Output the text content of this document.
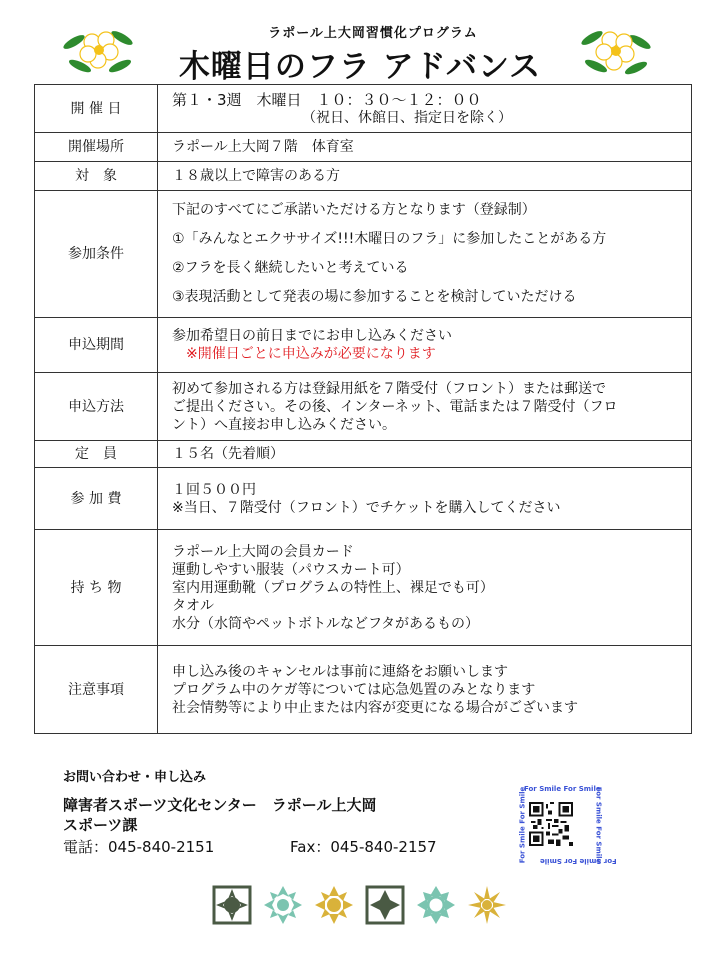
ラポール上大岡習慣化プログラム
木曜日のフラ アドバンス
開 催 日	第１・3週　木曜日　１０：３０～１２：００
（祝日、休館日、指定日を除く）

開催場所	ラポール上大岡７階　体育室
対　象	１８歳以上で障害のある方
参加条件	下記のすべてにご承諾いただける方となります（登録制）
①「みんなとエクササイズ!!!木曜日のフラ」に参加したことがある方
②フラを長く継続したいと考えている
③表現活動として発表の場に参加することを検討していただける

申込期間	参加希望日の前日までにお申し込みください
※開催日ごとに申込みが必要になります

申込方法	初めて参加される方は登録用紙を７階受付（フロント）または郵送で
ご提出ください。その後、インターネット、電話または７階受付（フロ
ント）へ直接お申し込みください。

定　員	１５名（先着順）
参 加 費	１回５００円
※当日、７階受付（フロント）でチケットを購入してください

持 ち 物	ラポール上大岡の会員カード
運動しやすい服装（パウスカート可）
室内用運動靴（プログラムの特性上、裸足でも可）
タオル
水分（水筒やペットボトルなどフタがあるもの）

注意事項	申し込み後のキャンセルは事前に連絡をお願いします
プログラム中のケガ等については応急処置のみとなります
社会情勢等により中止または内容が変更になる場合がございます
お問い合わせ・申し込み
障害者スポーツ文化センター　ラポール上大岡
スポーツ課
電話：045-840-2151	Fax：045-840-2157
For Smile For Smile
For Smile For Smile
For Smile For Smile	For Smile For Smile
